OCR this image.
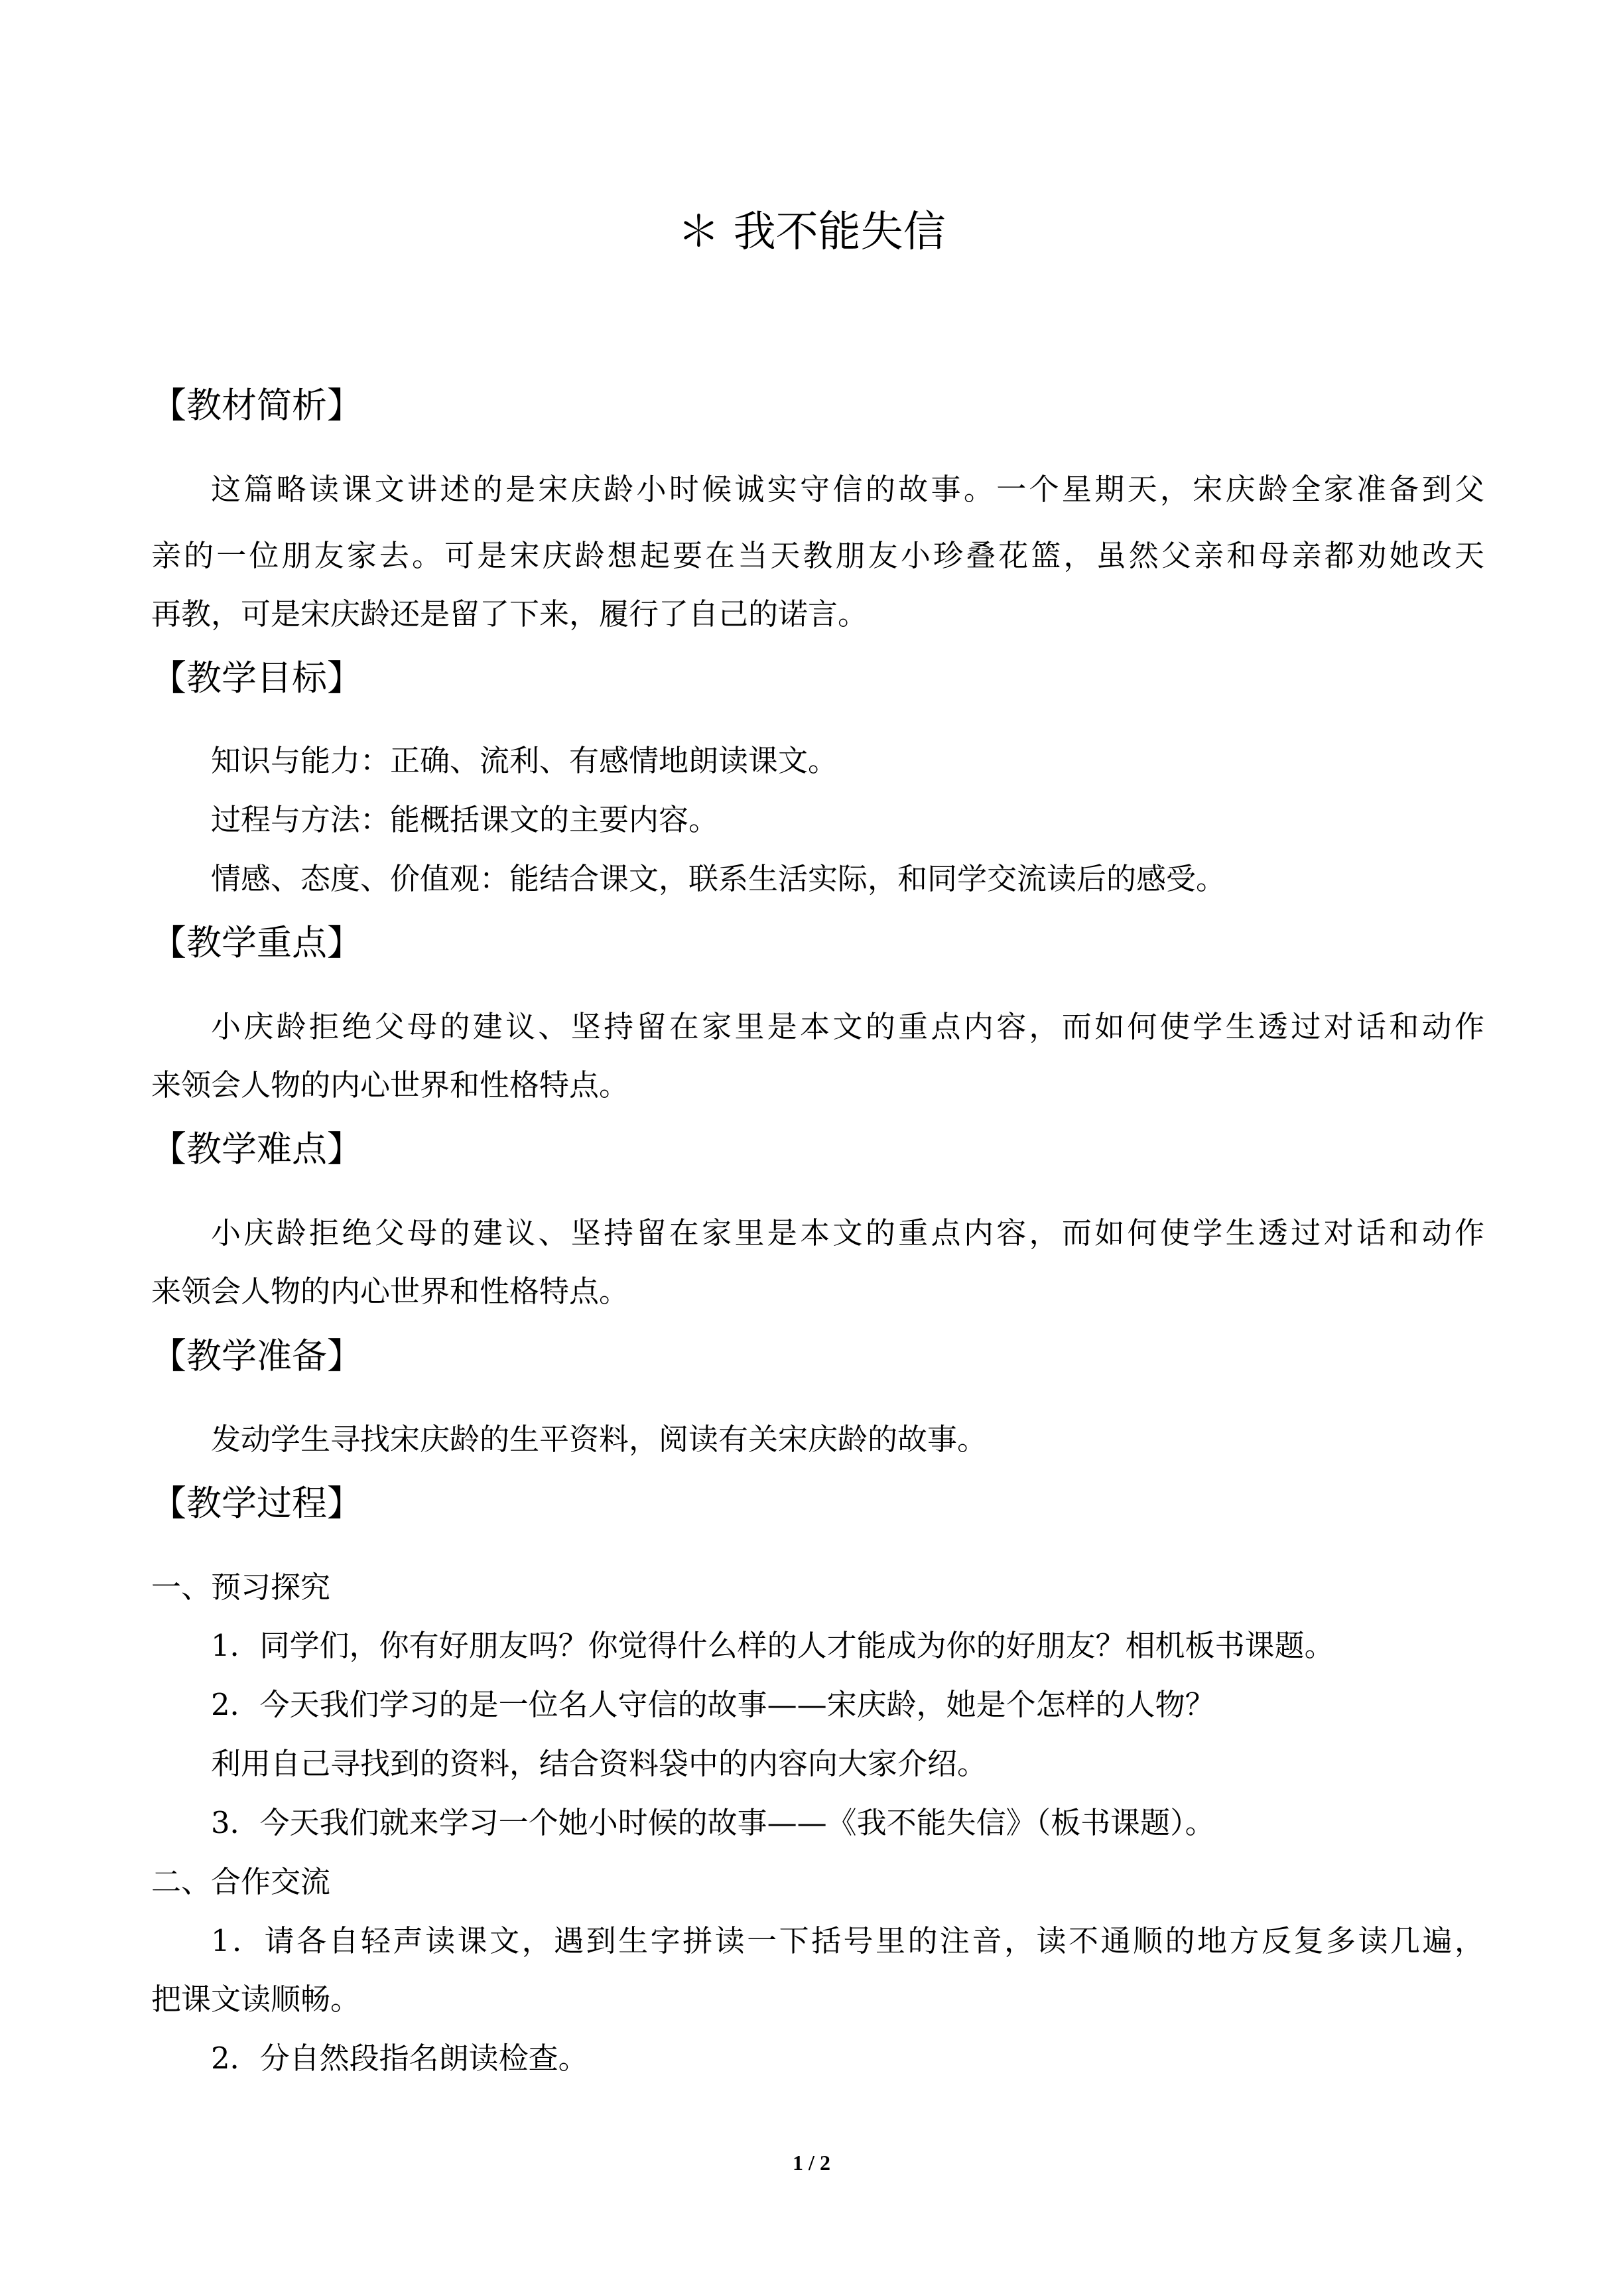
＊ 我不能失信
【教材简析】
这篇略读课文讲述的是宋庆龄小时候诚实守信的故事。一个星期天，宋庆龄全家准备到父
亲的一位朋友家去。可是宋庆龄想起要在当天教朋友小珍叠花篮，虽然父亲和母亲都劝她改天
再教，可是宋庆龄还是留了下来，履行了自己的诺言。
【教学目标】
知识与能力：正确、流利、有感情地朗读课文。
过程与方法：能概括课文的主要内容。
情感、态度、价值观：能结合课文，联系生活实际，和同学交流读后的感受。
【教学重点】
小庆龄拒绝父母的建议、坚持留在家里是本文的重点内容，而如何使学生透过对话和动作
来领会人物的内心世界和性格特点。
【教学难点】
小庆龄拒绝父母的建议、坚持留在家里是本文的重点内容，而如何使学生透过对话和动作
来领会人物的内心世界和性格特点。
【教学准备】
发动学生寻找宋庆龄的生平资料，阅读有关宋庆龄的故事。
【教学过程】
一、预习探究
1．同学们，你有好朋友吗？你觉得什么样的人才能成为你的好朋友？相机板书课题。
2．今天我们学习的是一位名人守信的故事——宋庆龄，她是个怎样的人物？
利用自己寻找到的资料，结合资料袋中的内容向大家介绍。
3．今天我们就来学习一个她小时候的故事——《我不能失信》（板书课题）。
二、合作交流
1．请各自轻声读课文，遇到生字拼读一下括号里的注音，读不通顺的地方反复多读几遍，
把课文读顺畅。
2．分自然段指名朗读检查。
1 / 2
